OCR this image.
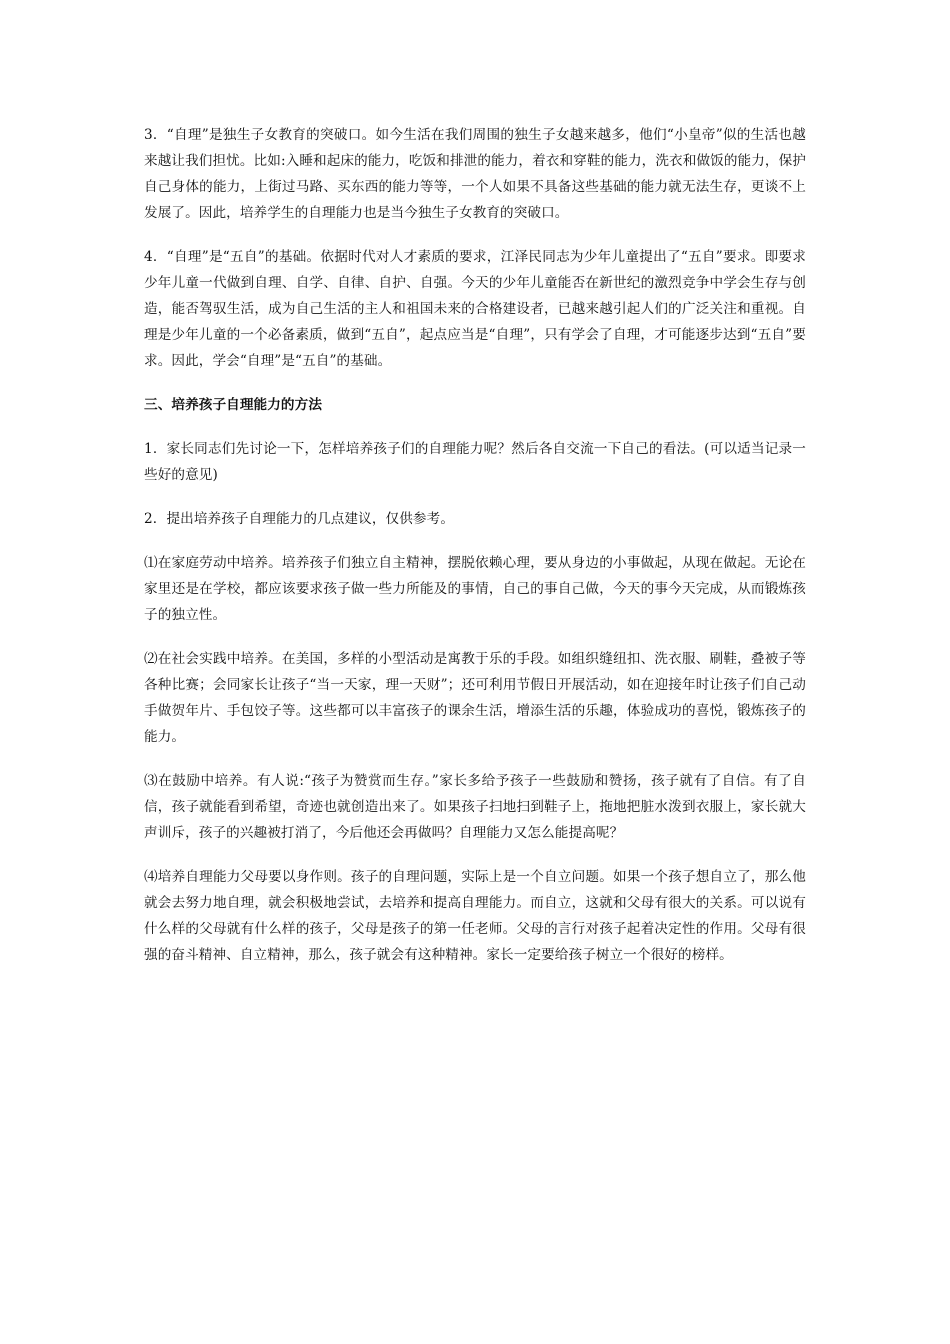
3．“自理”是独生子女教育的突破口。如今生活在我们周围的独生子女越来越多，他们“小皇帝”似的生活也越来越让我们担忧。比如:入睡和起床的能力，吃饭和排泄的能力，着衣和穿鞋的能力，洗衣和做饭的能力，保护自己身体的能力，上街过马路、买东西的能力等等，一个人如果不具备这些基础的能力就无法生存，更谈不上发展了。因此，培养学生的自理能力也是当今独生子女教育的突破口。

4．“自理”是“五自”的基础。依据时代对人才素质的要求，江泽民同志为少年儿童提出了“五自”要求。即要求少年儿童一代做到自理、自学、自律、自护、自强。今天的少年儿童能否在新世纪的激烈竞争中学会生存与创造，能否驾驭生活，成为自己生活的主人和祖国未来的合格建设者，已越来越引起人们的广泛关注和重视。自理是少年儿童的一个必备素质，做到“五自”，起点应当是“自理”，只有学会了自理，才可能逐步达到“五自”要求。因此，学会“自理”是“五自”的基础。

三、培养孩子自理能力的方法

1．家长同志们先讨论一下，怎样培养孩子们的自理能力呢？然后各自交流一下自己的看法。(可以适当记录一些好的意见)

2．提出培养孩子自理能力的几点建议，仅供参考。

⑴在家庭劳动中培养。培养孩子们独立自主精神，摆脱依赖心理，要从身边的小事做起，从现在做起。无论在家里还是在学校，都应该要求孩子做一些力所能及的事情，自己的事自己做，今天的事今天完成，从而锻炼孩子的独立性。

⑵在社会实践中培养。在美国，多样的小型活动是寓教于乐的手段。如组织缝纽扣、洗衣服、刷鞋，叠被子等各种比赛；会同家长让孩子“当一天家，理一天财”；还可利用节假日开展活动，如在迎接年时让孩子们自己动手做贺年片、手包饺子等。这些都可以丰富孩子的课余生活，增添生活的乐趣，体验成功的喜悦，锻炼孩子的能力。

⑶在鼓励中培养。有人说:“孩子为赞赏而生存。”家长多给予孩子一些鼓励和赞扬，孩子就有了自信。有了自信，孩子就能看到希望，奇迹也就创造出来了。如果孩子扫地扫到鞋子上，拖地把脏水泼到衣服上，家长就大声训斥，孩子的兴趣被打消了，今后他还会再做吗？自理能力又怎么能提高呢？

⑷培养自理能力父母要以身作则。孩子的自理问题，实际上是一个自立问题。如果一个孩子想自立了，那么他就会去努力地自理，就会积极地尝试，去培养和提高自理能力。而自立，这就和父母有很大的关系。可以说有什么样的父母就有什么样的孩子，父母是孩子的第一任老师。父母的言行对孩子起着决定性的作用。父母有很强的奋斗精神、自立精神，那么，孩子就会有这种精神。家长一定要给孩子树立一个很好的榜样。
